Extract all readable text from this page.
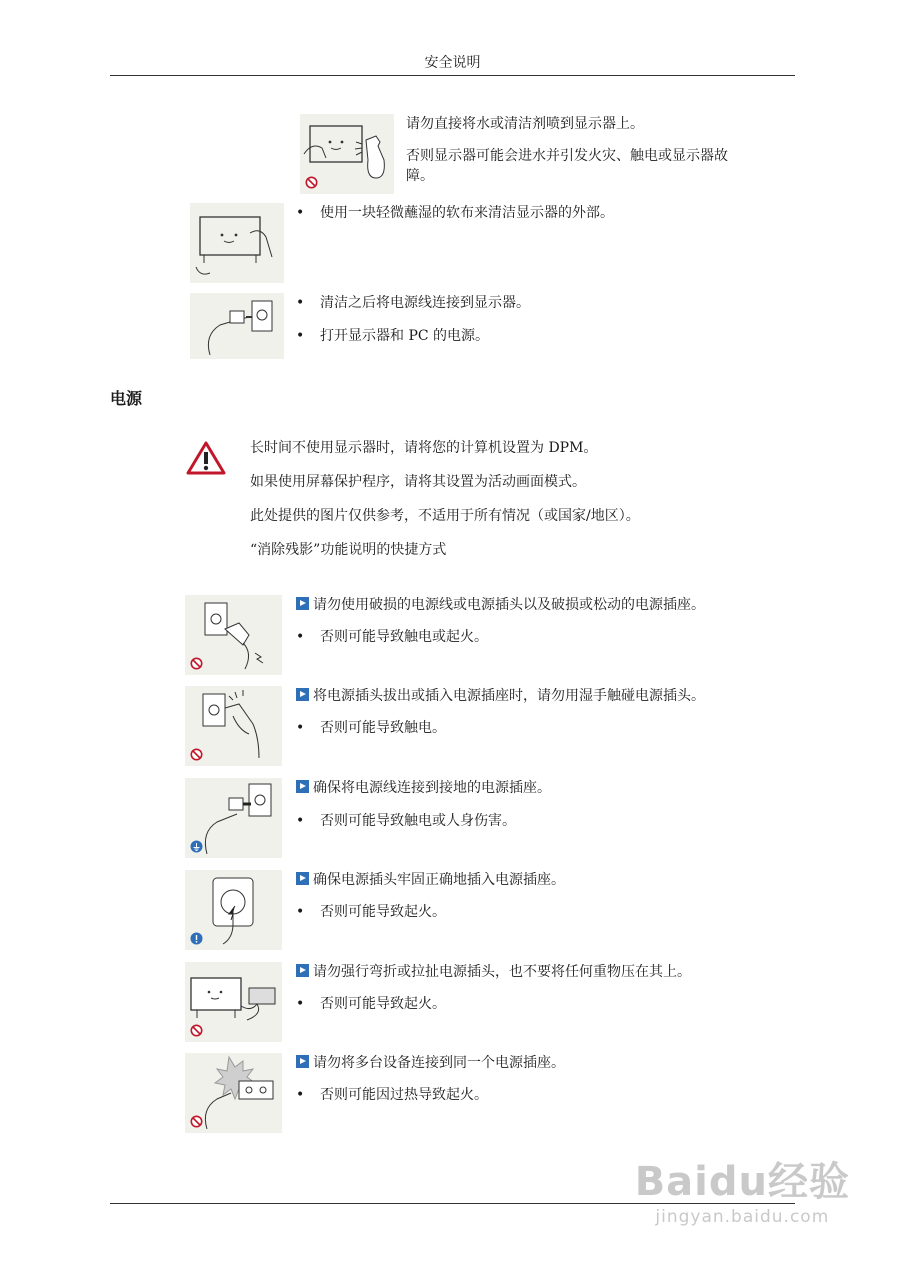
安全说明
请勿直接将水或清洁剂喷到显示器上。
否则显示器可能会进水并引发火灾、触电或显示器故障。
• 使用一块轻微蘸湿的软布来清洁显示器的外部。
• 清洁之后将电源线连接到显示器。
• 打开显示器和 PC 的电源。
电源
长时间不使用显示器时，请将您的计算机设置为 DPM。
如果使用屏幕保护程序，请将其设置为活动画面模式。
此处提供的图片仅供参考，不适用于所有情况（或国家/地区）。
“消除残影”功能说明的快捷方式
请勿使用破损的电源线或电源插头以及破损或松动的电源插座。
• 否则可能导致触电或起火。
将电源插头拔出或插入电源插座时，请勿用湿手触碰电源插头。
• 否则可能导致触电。
确保将电源线连接到接地的电源插座。
• 否则可能导致触电或人身伤害。
确保电源插头牢固正确地插入电源插座。
• 否则可能导致起火。
请勿强行弯折或拉扯电源插头，也不要将任何重物压在其上。
• 否则可能导致起火。
请勿将多台设备连接到同一个电源插座。
• 否则可能因过热导致起火。
Baidu经验
jingyan.baidu.com
